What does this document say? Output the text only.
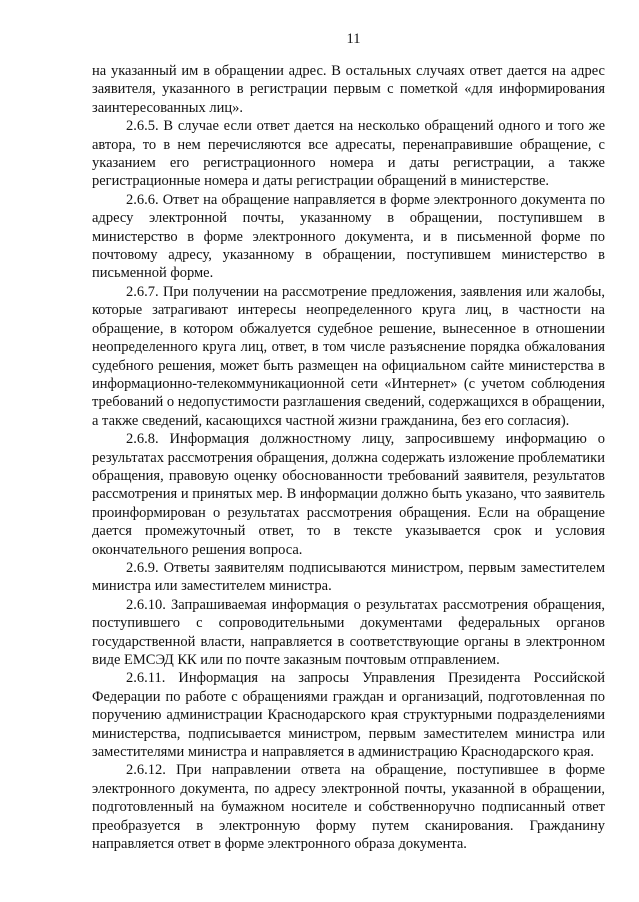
11

на указанный им в обращении адрес. В остальных случаях ответ дается на адрес заявителя, указанного в регистрации первым с пометкой «для информирования заинтересованных лиц».

2.6.5. В случае если ответ дается на несколько обращений одного и того же автора, то в нем перечисляются все адресаты, перенаправившие обращение, с указанием его регистрационного номера и даты регистрации, а также регистрационные номера и даты регистрации обращений в министерстве.

2.6.6. Ответ на обращение направляется в форме электронного документа по адресу электронной почты, указанному в обращении, поступившем в министерство в форме электронного документа, и в письменной форме по почтовому адресу, указанному в обращении, поступившем министерство в письменной форме.

2.6.7. При получении на рассмотрение предложения, заявления или жалобы, которые затрагивают интересы неопределенного круга лиц, в частности на обращение, в котором обжалуется судебное решение, вынесенное в отношении неопределенного круга лиц, ответ, в том числе разъяснение порядка обжалования судебного решения, может быть размещен на официальном сайте министерства в информационно-телекоммуникационной сети «Интернет» (с учетом соблюдения требований о недопустимости разглашения сведений, содержащихся в обращении, а также сведений, касающихся частной жизни гражданина, без его согласия).

2.6.8. Информация должностному лицу, запросившему информацию о результатах рассмотрения обращения, должна содержать изложение проблематики обращения, правовую оценку обоснованности требований заявителя, результатов рассмотрения и принятых мер. В информации должно быть указано, что заявитель проинформирован о результатах рассмотрения обращения. Если на обращение дается промежуточный ответ, то в тексте указывается срок и условия окончательного решения вопроса.

2.6.9. Ответы заявителям подписываются министром, первым заместителем министра или заместителем министра.

2.6.10. Запрашиваемая информация о результатах рассмотрения обращения, поступившего с сопроводительными документами федеральных органов государственной власти, направляется в соответствующие органы в электронном виде ЕМСЭД КК или по почте заказным почтовым отправлением.

2.6.11. Информация на запросы Управления Президента Российской Федерации по работе с обращениями граждан и организаций, подготовленная по поручению администрации Краснодарского края структурными подразделениями министерства, подписывается министром, первым заместителем министра или заместителями министра и направляется в администрацию Краснодарского края.

2.6.12. При направлении ответа на обращение, поступившее в форме электронного документа, по адресу электронной почты, указанной в обращении, подготовленный на бумажном носителе и собственноручно подписанный ответ преобразуется в электронную форму путем сканирования. Гражданину направляется ответ в форме электронного образа документа.
